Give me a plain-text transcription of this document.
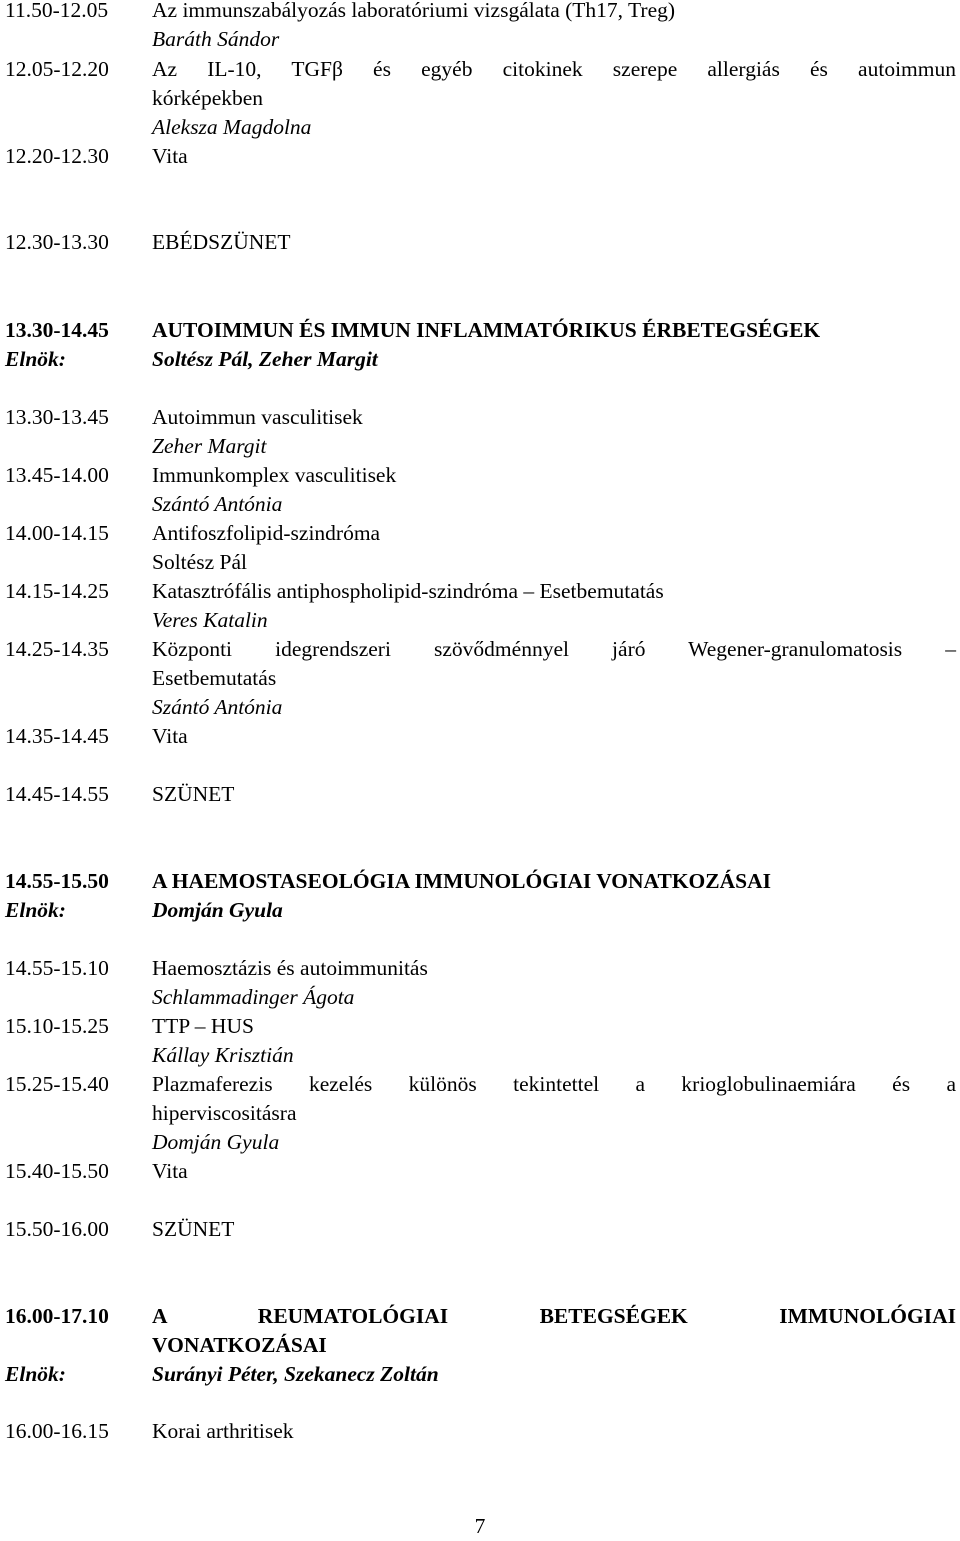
11.50-12.05	Az immunszabályozás laboratóriumi vizsgálata (Th17, Treg)
Baráth Sándor
12.05-12.20	Az IL-10, TGFβ és egyéb citokinek szerepe allergiás és autoimmun
kórképekben
Aleksza Magdolna
12.20-12.30	Vita
12.30-13.30	EBÉDSZÜNET
13.30-14.45	AUTOIMMUN ÉS IMMUN INFLAMMATÓRIKUS ÉRBETEGSÉGEK
Elnök:	Soltész Pál, Zeher Margit
13.30-13.45	Autoimmun vasculitisek
Zeher Margit
13.45-14.00	Immunkomplex vasculitisek
Szántó Antónia
14.00-14.15	Antifoszfolipid-szindróma
Soltész Pál
14.15-14.25	Katasztrófális antiphospholipid-szindróma – Esetbemutatás
Veres Katalin
14.25-14.35	Központi idegrendszeri szövődménnyel járó Wegener-granulomatosis –
Esetbemutatás
Szántó Antónia
14.35-14.45	Vita
14.45-14.55	SZÜNET
14.55-15.50	A HAEMOSTASEOLÓGIA IMMUNOLÓGIAI VONATKOZÁSAI
Elnök:	Domján Gyula
14.55-15.10	Haemosztázis és autoimmunitás
Schlammadinger Ágota
15.10-15.25	TTP – HUS
Kállay Krisztián
15.25-15.40	Plazmaferezis kezelés különös tekintettel a krioglobulinaemiára és a
hiperviscositásra
Domján Gyula
15.40-15.50	Vita
15.50-16.00	SZÜNET
16.00-17.10	A REUMATOLÓGIAI BETEGSÉGEK IMMUNOLÓGIAI
VONATKOZÁSAI
Elnök:	Surányi Péter, Szekanecz Zoltán
16.00-16.15	Korai arthritisek
7
